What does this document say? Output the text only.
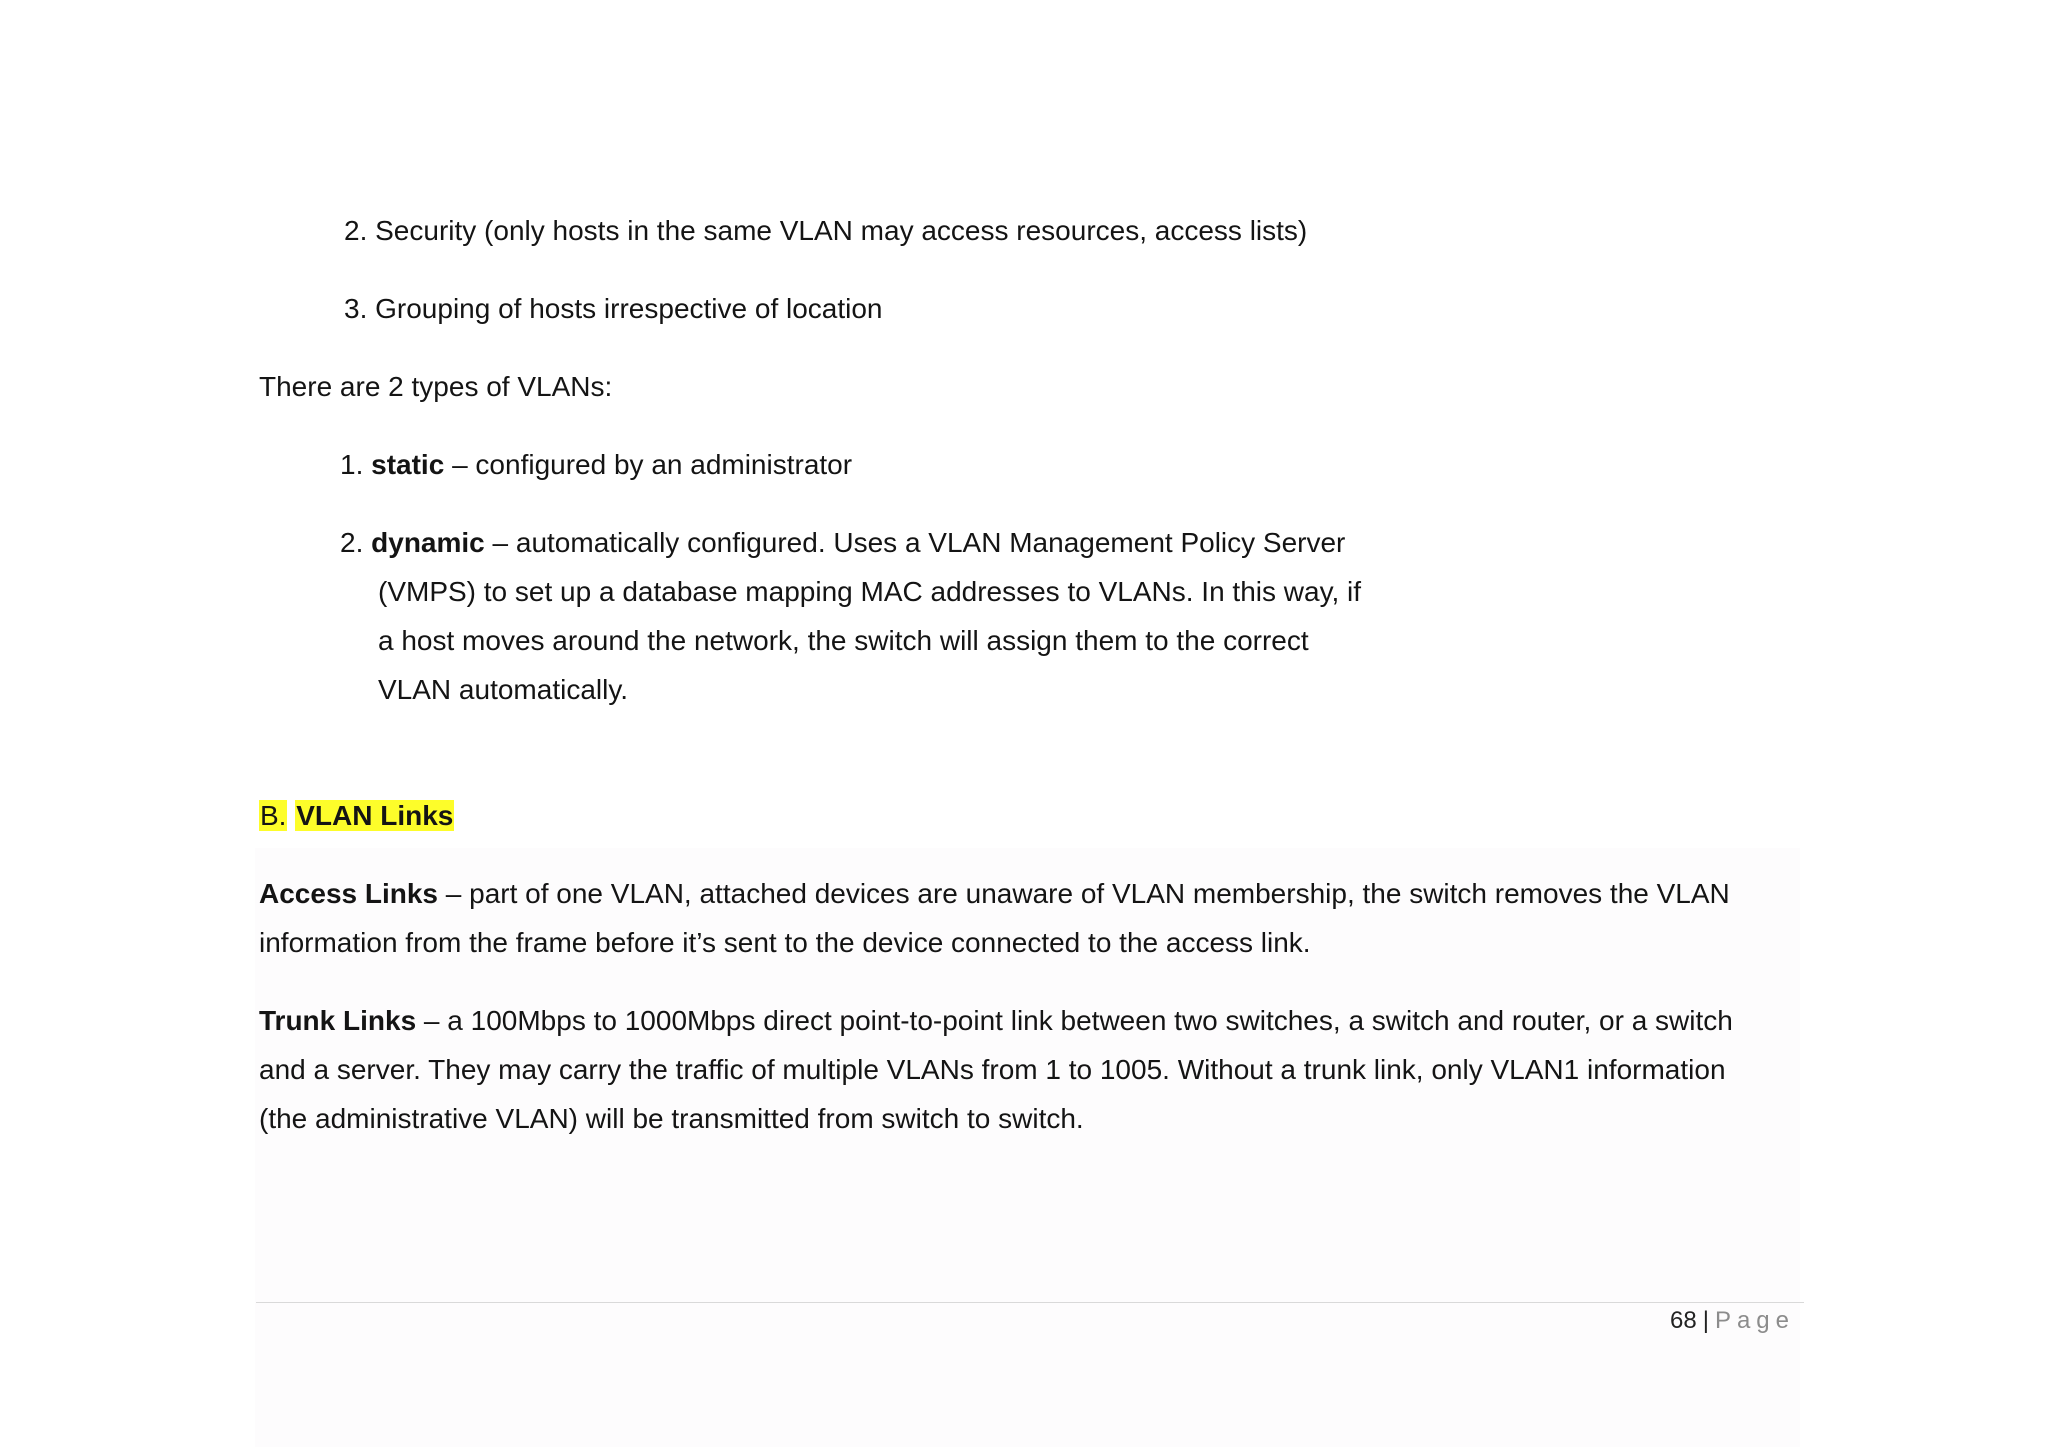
2. Security (only hosts in the same VLAN may access resources, access lists)
3. Grouping of hosts irrespective of location
There are 2 types of VLANs:
1. static – configured by an administrator
2. dynamic – automatically configured. Uses a VLAN Management Policy Server
(VMPS) to set up a database mapping MAC addresses to VLANs. In this way, if
a host moves around the network, the switch will assign them to the correct
VLAN automatically.
B. VLAN Links
Access Links – part of one VLAN, attached devices are unaware of VLAN membership, the switch removes the VLAN
information from the frame before it’s sent to the device connected to the access link.
Trunk Links – a 100Mbps to 1000Mbps direct point-to-point link between two switches, a switch and router, or a switch
and a server. They may carry the traffic of multiple VLANs from 1 to 1005. Without a trunk link, only VLAN1 information
(the administrative VLAN) will be transmitted from switch to switch.
68 | Page
